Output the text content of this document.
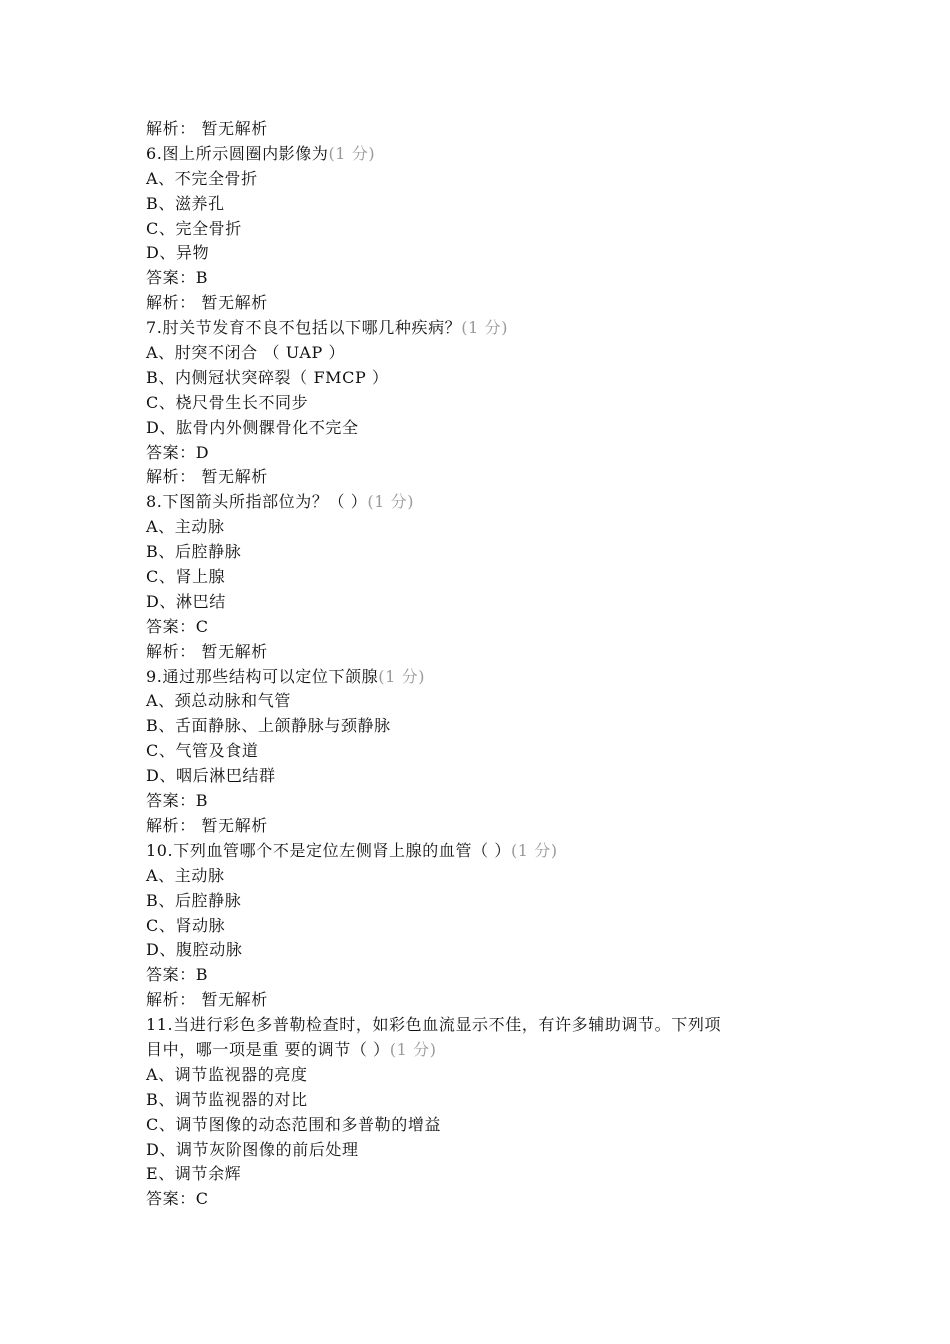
解析： 暂无解析
6.图上所示圆圈内影像为(1 分)
A、不完全骨折
B、滋养孔
C、完全骨折
D、异物
答案：B
解析： 暂无解析
7.肘关节发育不良不包括以下哪几种疾病？(1 分)
A、肘突不闭合 （ UAP ）
B、内侧冠状突碎裂（ FMCP ）
C、桡尺骨生长不同步
D、肱骨内外侧髁骨化不完全
答案：D
解析： 暂无解析
8.下图箭头所指部位为？（ ）(1 分)
A、主动脉
B、后腔静脉
C、肾上腺
D、淋巴结
答案：C
解析： 暂无解析
9.通过那些结构可以定位下颌腺(1 分)
A、颈总动脉和气管
B、舌面静脉、上颌静脉与颈静脉
C、气管及食道
D、咽后淋巴结群
答案：B
解析： 暂无解析
10.下列血管哪个不是定位左侧肾上腺的血管（ ）(1 分)
A、主动脉
B、后腔静脉
C、肾动脉
D、腹腔动脉
答案：B
解析： 暂无解析
11.当进行彩色多普勒检查时，如彩色血流显示不佳，有许多辅助调节。下列项
目中，哪一项是重 要的调节（ ）(1 分)
A、调节监视器的亮度
B、调节监视器的对比
C、调节图像的动态范围和多普勒的增益
D、调节灰阶图像的前后处理
E、调节余辉
答案：C
